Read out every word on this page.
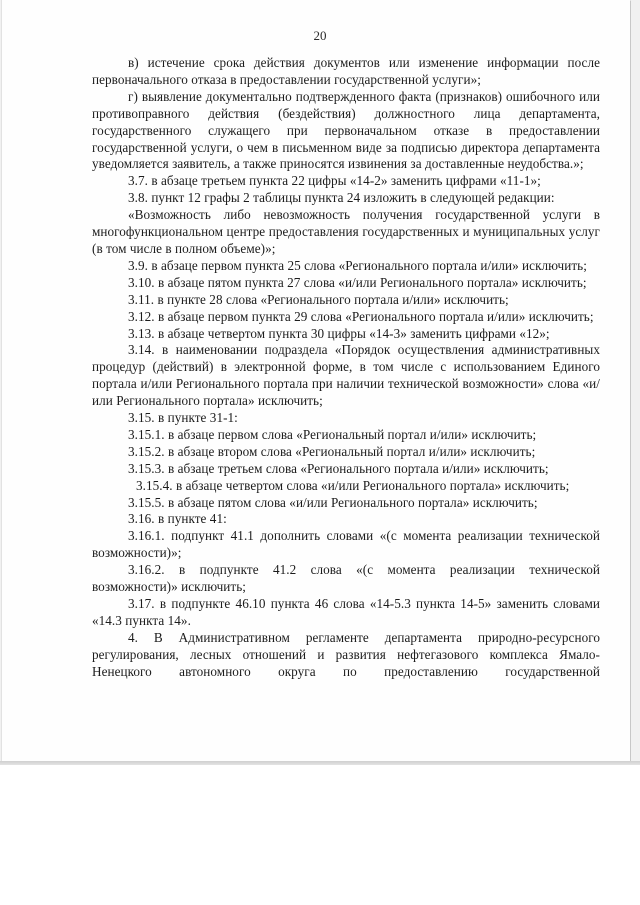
20

в) истечение срока действия документов или изменение информации после первоначального отказа в предоставлении государственной услуги»;

г) выявление документально подтвержденного факта (признаков) ошибочного или противоправного действия (бездействия) должностного лица департамента, государственного служащего при первоначальном отказе в предоставлении государственной услуги, о чем в письменном виде за подписью директора департамента уведомляется заявитель, а также приносятся извинения за доставленные неудобства.»;

3.7. в абзаце третьем пункта 22 цифры «14-2» заменить цифрами «11-1»;

3.8. пункт 12 графы 2 таблицы пункта 24 изложить в следующей редакции:

«Возможность либо невозможность получения государственной услуги в многофункциональном центре предоставления государственных и муниципальных услуг (в том числе в полном объеме)»;

3.9. в абзаце первом пункта 25 слова «Регионального портала и/или» исключить;

3.10. в абзаце пятом пункта 27 слова «и/или Регионального портала» исключить;

3.11. в пункте 28 слова «Регионального портала и/или» исключить;

3.12. в абзаце первом пункта 29 слова «Регионального портала и/или» исключить;

3.13. в абзаце четвертом пункта 30 цифры «14-3» заменить цифрами «12»;

3.14. в наименовании подраздела «Порядок осуществления административных процедур (действий) в электронной форме, в том числе с использованием Единого портала и/или Регионального портала при наличии технической возможности» слова «и/или Регионального портала» исключить;

3.15. в пункте 31-1:

3.15.1. в абзаце первом слова «Региональный портал и/или» исключить;

3.15.2. в абзаце втором слова «Региональный портал и/или» исключить;

3.15.3. в абзаце третьем слова «Регионального портала и/или» исключить;

3.15.4. в абзаце четвертом слова «и/или Регионального портала» исключить;

3.15.5. в абзаце пятом слова «и/или Регионального портала» исключить;

3.16. в пункте 41:

3.16.1. подпункт 41.1 дополнить словами «(с момента реализации технической возможности)»;

3.16.2. в подпункте 41.2 слова «(с момента реализации технической возможности)» исключить;

3.17. в подпункте 46.10 пункта 46 слова «14-5.3 пункта 14-5» заменить словами «14.3 пункта 14».

4. В Административном регламенте департамента природно-ресурсного регулирования, лесных отношений и развития нефтегазового комплекса Ямало-Ненецкого автономного округа по предоставлению государственной
